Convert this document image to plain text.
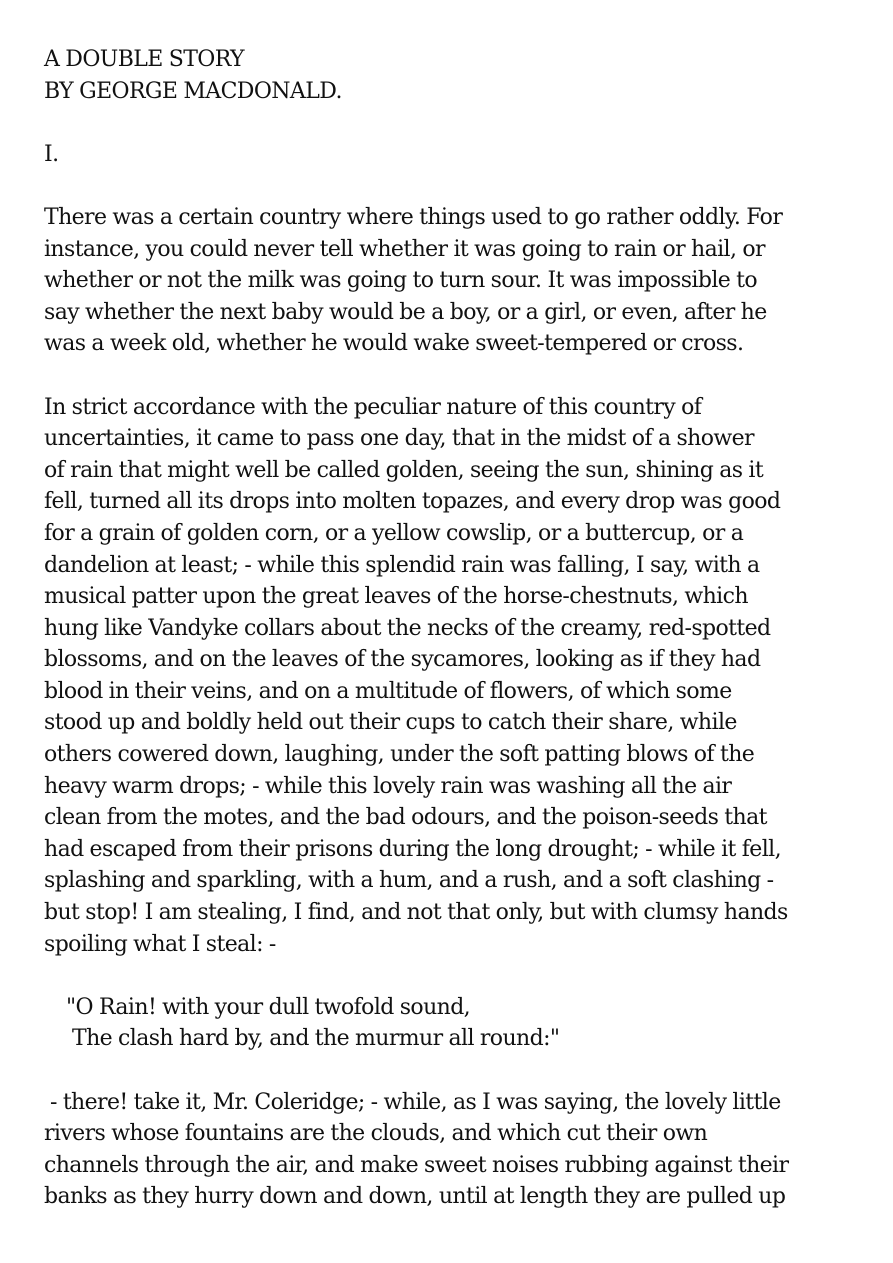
A DOUBLE STORY
BY GEORGE MACDONALD.
I.
There was a certain country where things used to go rather oddly. For
instance, you could never tell whether it was going to rain or hail, or
whether or not the milk was going to turn sour. It was impossible to
say whether the next baby would be a boy, or a girl, or even, after he
was a week old, whether he would wake sweet-tempered or cross.
In strict accordance with the peculiar nature of this country of
uncertainties, it came to pass one day, that in the midst of a shower
of rain that might well be called golden, seeing the sun, shining as it
fell, turned all its drops into molten topazes, and every drop was good
for a grain of golden corn, or a yellow cowslip, or a buttercup, or a
dandelion at least; - while this splendid rain was falling, I say, with a
musical patter upon the great leaves of the horse-chestnuts, which
hung like Vandyke collars about the necks of the creamy, red-spotted
blossoms, and on the leaves of the sycamores, looking as if they had
blood in their veins, and on a multitude of flowers, of which some
stood up and boldly held out their cups to catch their share, while
others cowered down, laughing, under the soft patting blows of the
heavy warm drops; - while this lovely rain was washing all the air
clean from the motes, and the bad odours, and the poison-seeds that
had escaped from their prisons during the long drought; - while it fell,
splashing and sparkling, with a hum, and a rush, and a soft clashing -
but stop! I am stealing, I find, and not that only, but with clumsy hands
spoiling what I steal: -
"O Rain! with your dull twofold sound,
The clash hard by, and the murmur all round:"
- there! take it, Mr. Coleridge; - while, as I was saying, the lovely little
rivers whose fountains are the clouds, and which cut their own
channels through the air, and make sweet noises rubbing against their
banks as they hurry down and down, until at length they are pulled up
